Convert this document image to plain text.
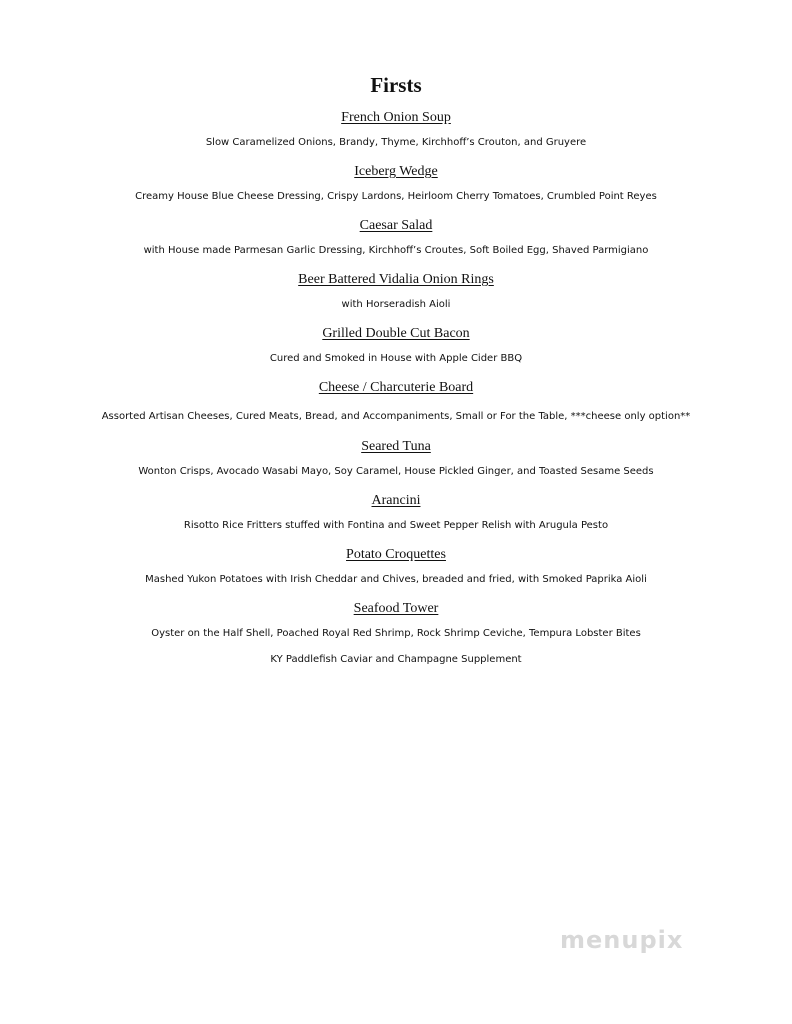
Firsts
French Onion Soup
Slow Caramelized Onions, Brandy, Thyme, Kirchhoff’s Crouton, and Gruyere
Iceberg Wedge
Creamy House Blue Cheese Dressing, Crispy Lardons, Heirloom Cherry Tomatoes, Crumbled Point Reyes
Caesar Salad
with House made Parmesan Garlic Dressing, Kirchhoff’s Croutes, Soft Boiled Egg, Shaved Parmigiano
Beer Battered Vidalia Onion Rings
with Horseradish Aioli
Grilled Double Cut Bacon
Cured and Smoked in House with Apple Cider BBQ
Cheese / Charcuterie Board
Assorted Artisan Cheeses, Cured Meats, Bread, and Accompaniments, Small or For the Table, ***cheese only option**
Seared Tuna
Wonton Crisps, Avocado Wasabi Mayo, Soy Caramel, House Pickled Ginger, and Toasted Sesame Seeds
Arancini
Risotto Rice Fritters stuffed with Fontina and Sweet Pepper Relish with Arugula Pesto
Potato Croquettes
Mashed Yukon Potatoes with Irish Cheddar and Chives, breaded and fried, with Smoked Paprika Aioli
Seafood Tower
Oyster on the Half Shell, Poached Royal Red Shrimp, Rock Shrimp Ceviche, Tempura Lobster Bites
KY Paddlefish Caviar and Champagne Supplement
menupix
